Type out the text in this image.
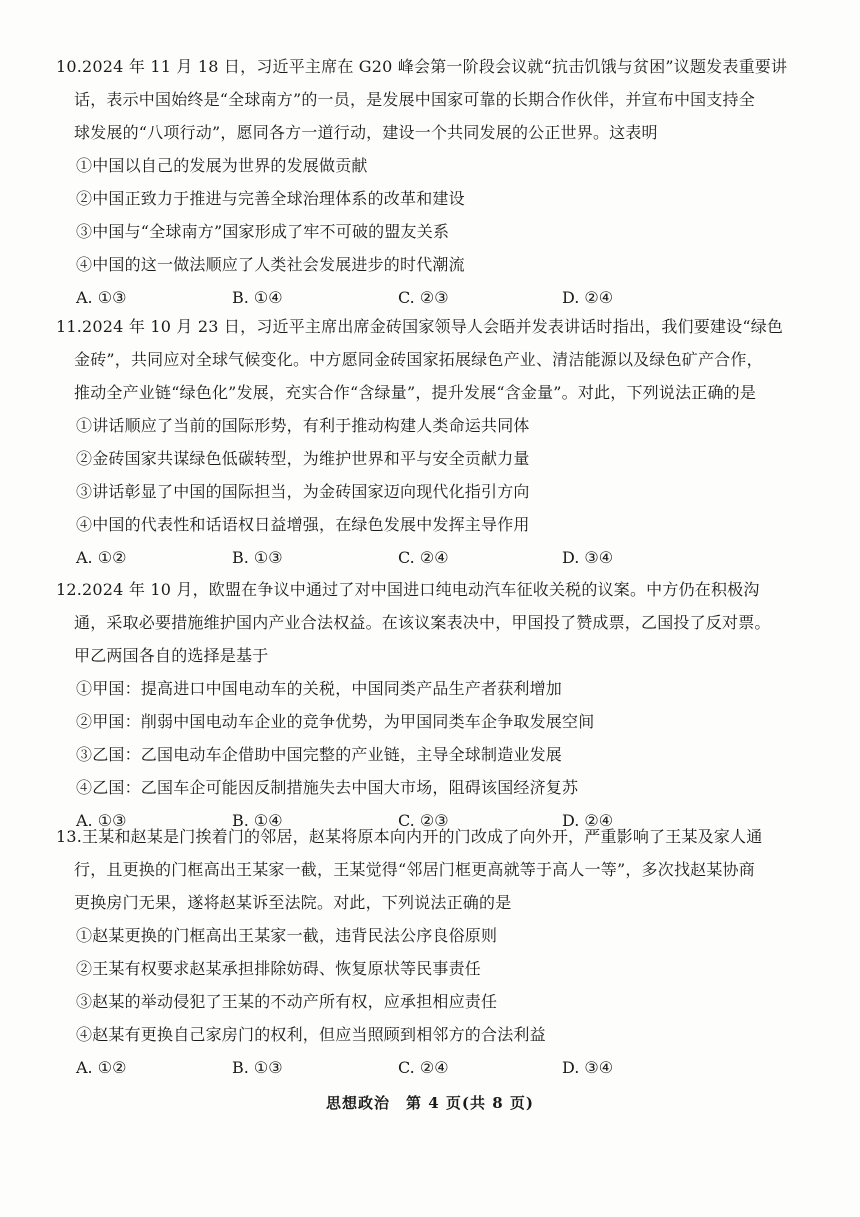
10.2024 年 11 月 18 日，习近平主席在 G20 峰会第一阶段会议就“抗击饥饿与贫困”议题发表重要讲
话，表示中国始终是“全球南方”的一员，是发展中国家可靠的长期合作伙伴，并宣布中国支持全
球发展的“八项行动”，愿同各方一道行动，建设一个共同发展的公正世界。这表明
①中国以自己的发展为世界的发展做贡献
②中国正致力于推进与完善全球治理体系的改革和建设
③中国与“全球南方”国家形成了牢不可破的盟友关系
④中国的这一做法顺应了人类社会发展进步的时代潮流
A. ①③	B. ①④	C. ②③	D. ②④
11.2024 年 10 月 23 日，习近平主席出席金砖国家领导人会晤并发表讲话时指出，我们要建设“绿色
金砖”，共同应对全球气候变化。中方愿同金砖国家拓展绿色产业、清洁能源以及绿色矿产合作，
推动全产业链“绿色化”发展，充实合作“含绿量”，提升发展“含金量”。对此，下列说法正确的是
①讲话顺应了当前的国际形势，有利于推动构建人类命运共同体
②金砖国家共谋绿色低碳转型，为维护世界和平与安全贡献力量
③讲话彰显了中国的国际担当，为金砖国家迈向现代化指引方向
④中国的代表性和话语权日益增强，在绿色发展中发挥主导作用
A. ①②	B. ①③	C. ②④	D. ③④
12.2024 年 10 月，欧盟在争议中通过了对中国进口纯电动汽车征收关税的议案。中方仍在积极沟
通，采取必要措施维护国内产业合法权益。在该议案表决中，甲国投了赞成票，乙国投了反对票。
甲乙两国各自的选择是基于
①甲国：提高进口中国电动车的关税，中国同类产品生产者获利增加
②甲国：削弱中国电动车企业的竞争优势，为甲国同类车企争取发展空间
③乙国：乙国电动车企借助中国完整的产业链，主导全球制造业发展
④乙国：乙国车企可能因反制措施失去中国大市场，阻碍该国经济复苏
A. ①③	B. ①④	C. ②③	D. ②④
13.王某和赵某是门挨着门的邻居，赵某将原本向内开的门改成了向外开，严重影响了王某及家人通
行，且更换的门框高出王某家一截，王某觉得“邻居门框更高就等于高人一等”，多次找赵某协商
更换房门无果，遂将赵某诉至法院。对此，下列说法正确的是
①赵某更换的门框高出王某家一截，违背民法公序良俗原则
②王某有权要求赵某承担排除妨碍、恢复原状等民事责任
③赵某的举动侵犯了王某的不动产所有权，应承担相应责任
④赵某有更换自己家房门的权利，但应当照顾到相邻方的合法利益
A. ①②	B. ①③	C. ②④	D. ③④
思想政治　第 4 页(共 8 页)
